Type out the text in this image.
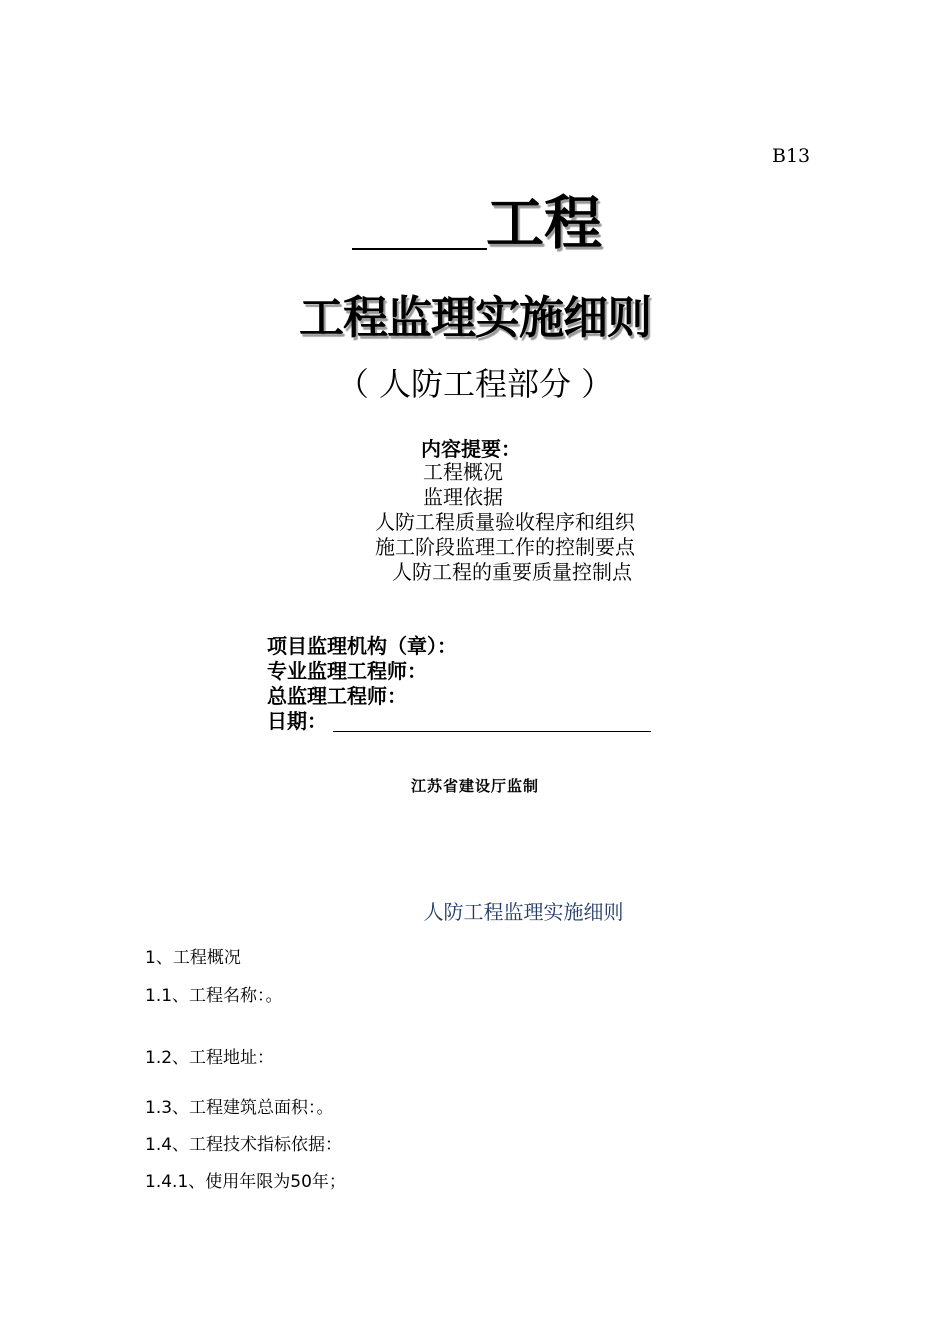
B13
工程
工程监理实施细则
（ 人防工程部分 ）
内容提要：
工程概况
监理依据
人防工程质量验收程序和组织
施工阶段监理工作的控制要点
人防工程的重要质量控制点
项目监理机构（章）：
专业监理工程师：
总监理工程师：
日期：
江苏省建设厅监制
人防工程监理实施细则
1、工程概况
1.1、工程名称：。
1.2、工程地址：
1.3、工程建筑总面积：。
1.4、工程技术指标依据：
1.4.1、使用年限为50年；
